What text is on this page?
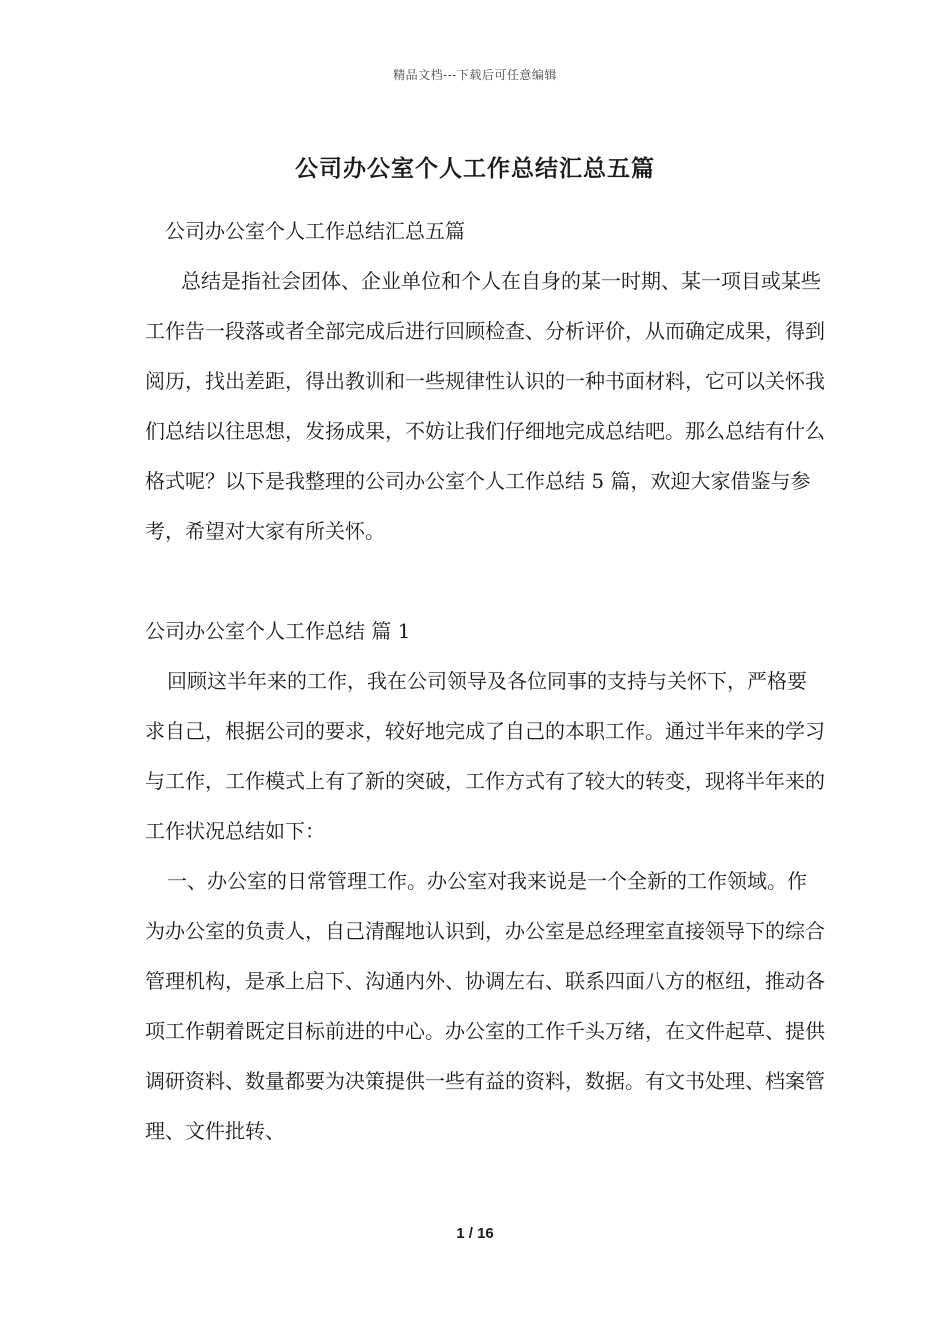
精品文档---下载后可任意编辑
公司办公室个人工作总结汇总五篇

公司办公室个人工作总结汇总五篇

总结是指社会团体、企业单位和个人在自身的某一时期、某一项目或某些工作告一段落或者全部完成后进行回顾检查、分析评价，从而确定成果，得到阅历，找出差距，得出教训和一些规律性认识的一种书面材料，它可以关怀我们总结以往思想，发扬成果，不妨让我们仔细地完成总结吧。那么总结有什么格式呢？以下是我整理的公司办公室个人工作总结 5 篇，欢迎大家借鉴与参考，希望对大家有所关怀。

公司办公室个人工作总结 篇 1

回顾这半年来的工作，我在公司领导及各位同事的支持与关怀下，严格要求自己，根据公司的要求，较好地完成了自己的本职工作。通过半年来的学习与工作，工作模式上有了新的突破，工作方式有了较大的转变，现将半年来的工作状况总结如下：

一、办公室的日常管理工作。办公室对我来说是一个全新的工作领域。作为办公室的负责人，自己清醒地认识到，办公室是总经理室直接领导下的综合管理机构，是承上启下、沟通内外、协调左右、联系四面八方的枢纽，推动各项工作朝着既定目标前进的中心。办公室的工作千头万绪，在文件起草、提供调研资料、数量都要为决策提供一些有益的资料，数据。有文书处理、档案管理、文件批转、

1 / 16
